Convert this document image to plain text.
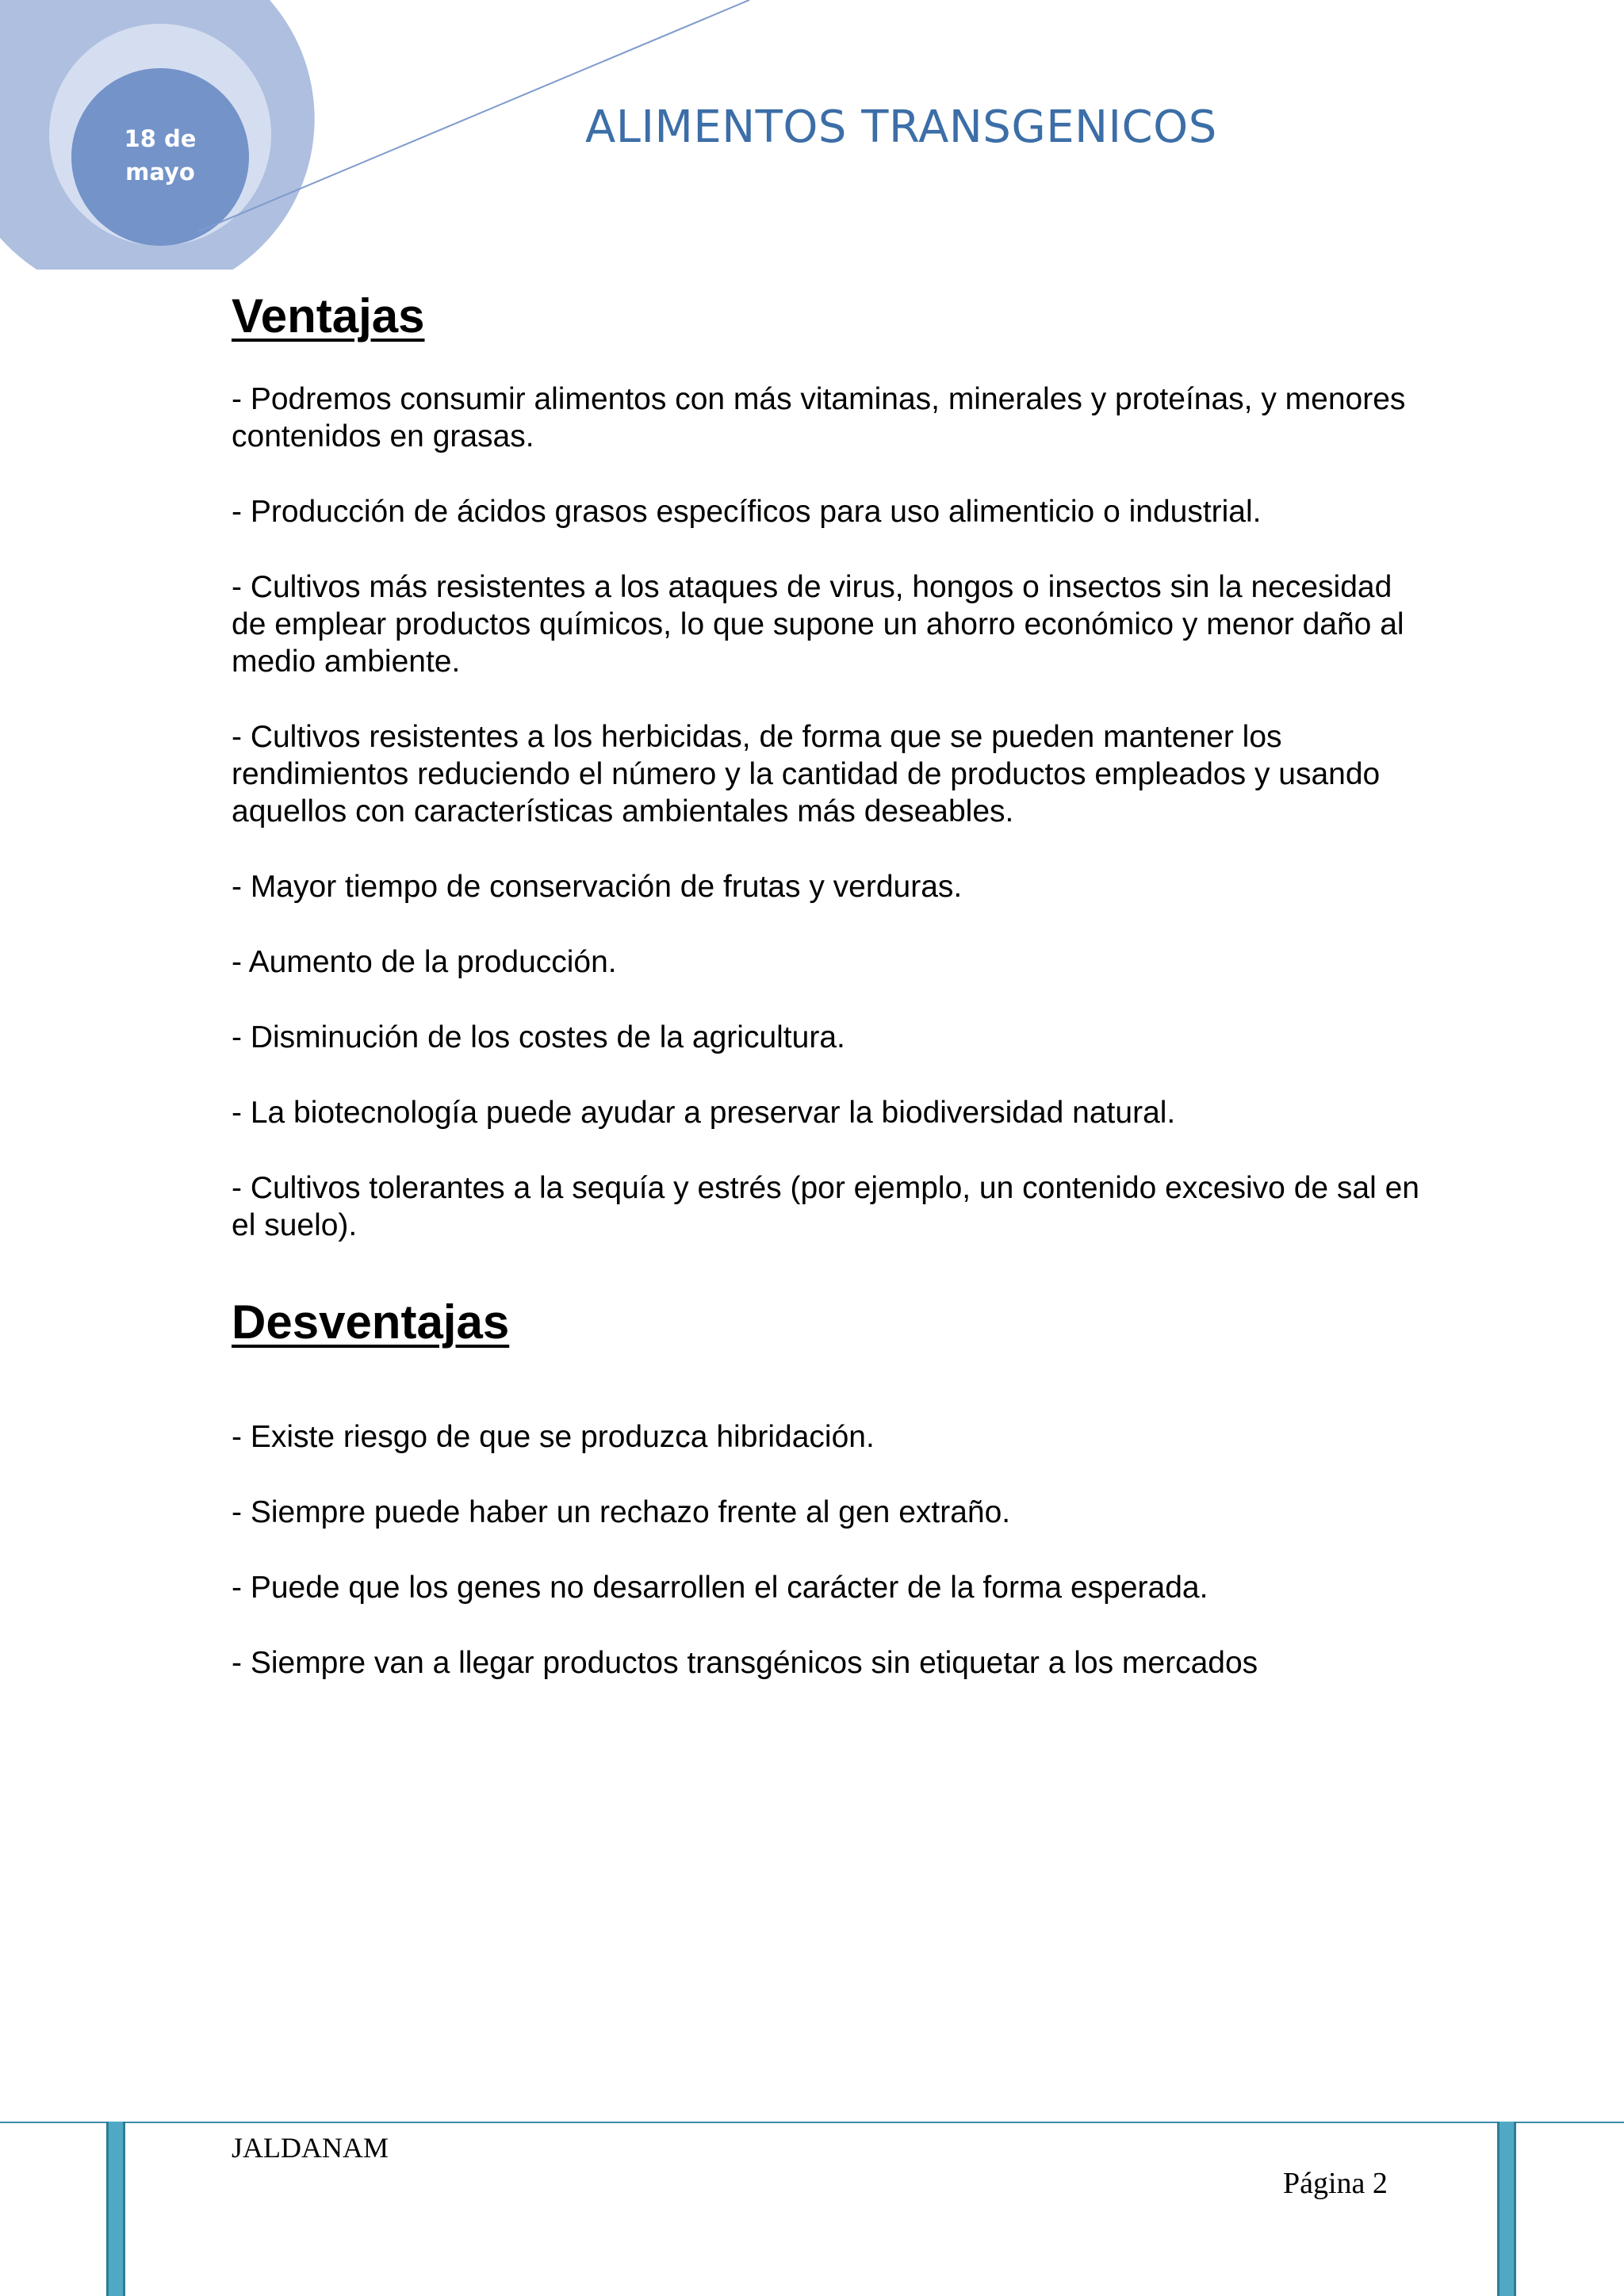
18 de
mayo
ALIMENTOS TRANSGENICOS
Ventajas

- Podremos consumir alimentos con más vitaminas, minerales y proteínas, y menores contenidos en grasas.

- Producción de ácidos grasos específicos para uso alimenticio o industrial.

- Cultivos más resistentes a los ataques de virus, hongos o insectos sin la necesidad de emplear productos químicos, lo que supone un ahorro económico y menor daño al medio ambiente.

- Cultivos resistentes a los herbicidas, de forma que se pueden mantener los rendimientos reduciendo el número y la cantidad de productos empleados y usando aquellos con características ambientales más deseables.

- Mayor tiempo de conservación de frutas y verduras.

- Aumento de la producción.

- Disminución de los costes de la agricultura.

- La biotecnología puede ayudar a preservar la biodiversidad natural.

- Cultivos tolerantes a la sequía y estrés (por ejemplo, un contenido excesivo de sal en el suelo).

Desventajas

- Existe riesgo de que se produzca hibridación.

- Siempre puede haber un rechazo frente al gen extraño.

- Puede que los genes no desarrollen el carácter de la forma esperada.

- Siempre van a llegar productos transgénicos sin etiquetar a los mercados

JALDANAM
Página 2
